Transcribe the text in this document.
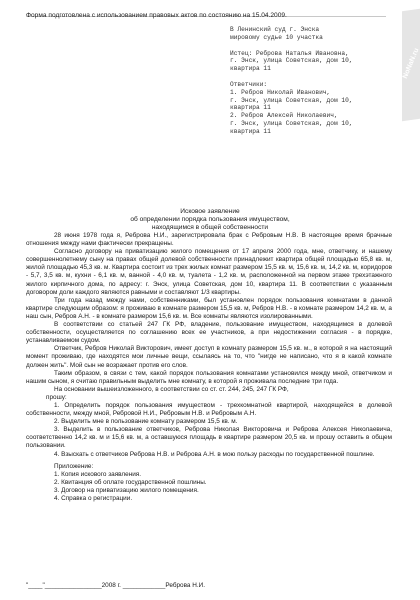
Форма подготовлена с использованием правовых актов по состоянию на 15.04.2009.
NoNaN.ru
В Ленинский суд г. Энска
мировому судье 10 участка
Истец: Реброва Наталья Ивановна,
г. Энск, улица Советская, дом 10,
квартира 11
Ответчики:
1. Ребров Николай Иванович,
г. Энск, улица Советская, дом 10,
квартира 11
2. Ребров Алексей Николаевич,
г. Энск, улица Советская, дом 10,
квартира 11
Исковое заявление
об определении порядка пользования имуществом,
находящимся в общей собственности

28 июня 1978 года я, Реброва Н.И., зарегистрировала брак с Ребровым Н.В. В настоящее время брачные отношения между нами фактически прекращены.

Согласно договору на приватизацию жилого помещения от 17 апреля 2000 года, мне, ответчику, и нашему совершеннолетнему сыну на правах общей долевой собственности принадлежит квартира общей площадью 65,8 кв. м, жилой площадью 45,3 кв. м. Квартира состоит из трех жилых комнат размером 15,5 кв. м, 15,6 кв. м, 14,2 кв. м, коридоров - 5,7, 3,5 кв. м, кухни - 6,1 кв. м, ванной - 4,0 кв. м, туалета - 1,2 кв. м, расположенной на первом этаже трехэтажного жилого кирпичного дома, по адресу: г. Энск, улица Советская, дом 10, квартира 11. В соответствии с указанным договором доли каждого являются равными и составляют 1/3 квартиры.

Три года назад между нами, собственниками, был установлен порядок пользования комнатами в данной квартире следующим образом: я проживаю в комнате размером 15,5 кв. м, Ребров Н.В. - в комнате размером 14,2 кв. м, а наш сын, Ребров А.Н. - в комнате размером 15,6 кв. м. Все комнаты являются изолированными.

В соответствии со статьей 247 ГК РФ, владение, пользование имуществом, находящимся в долевой собственности, осуществляется по соглашению всех ее участников, а при недостижении согласия - в порядке, устанавливаемом судом.

Ответчик, Ребров Николай Викторович, имеет доступ в комнату размером 15,5 кв. м., в которой я на настоящий момент проживаю, где находятся мои личные вещи, ссылаясь на то, что "нигде не написано, что я в какой комнате должен жить". Мой сын не возражает против его слов.

Таким образом, в связи с тем, какой порядок пользования комнатами установился между мной, ответчиком и нашим сыном, я считаю правильным выделить мне комнату, в которой я проживала последние три года.

На основании вышеизложенного, в соответствии со ст. ст. 244, 245, 247 ГК РФ,

прошу:

1. Определить порядок пользования имуществом - трехкомнатной квартирой, находящейся в долевой собственности, между мной, Ребровой Н.И., Ребровым Н.В. и Ребровым А.Н.

2. Выделить мне в пользование комнату размером 15,5 кв. м.

3. Выделить в пользование ответчиков, Реброва Николая Викторовича и Реброва Алексея Николаевича, соответственно 14,2 кв. м и 15,6 кв. м, а оставшуюся площадь в квартире размером 20,5 кв. м прошу оставить в общем пользовании.

4. Взыскать с ответчиков Реброва Н.В. и Реброва А.Н. в мою пользу расходы по государственной пошлине.

Приложение:

1. Копия искового заявления.

2. Квитанция об оплате государственной пошлины.

3. Договор на приватизацию жилого помещения.

4. Справка о регистрации.

"____"________________2008 г. ____________Реброва Н.И.
